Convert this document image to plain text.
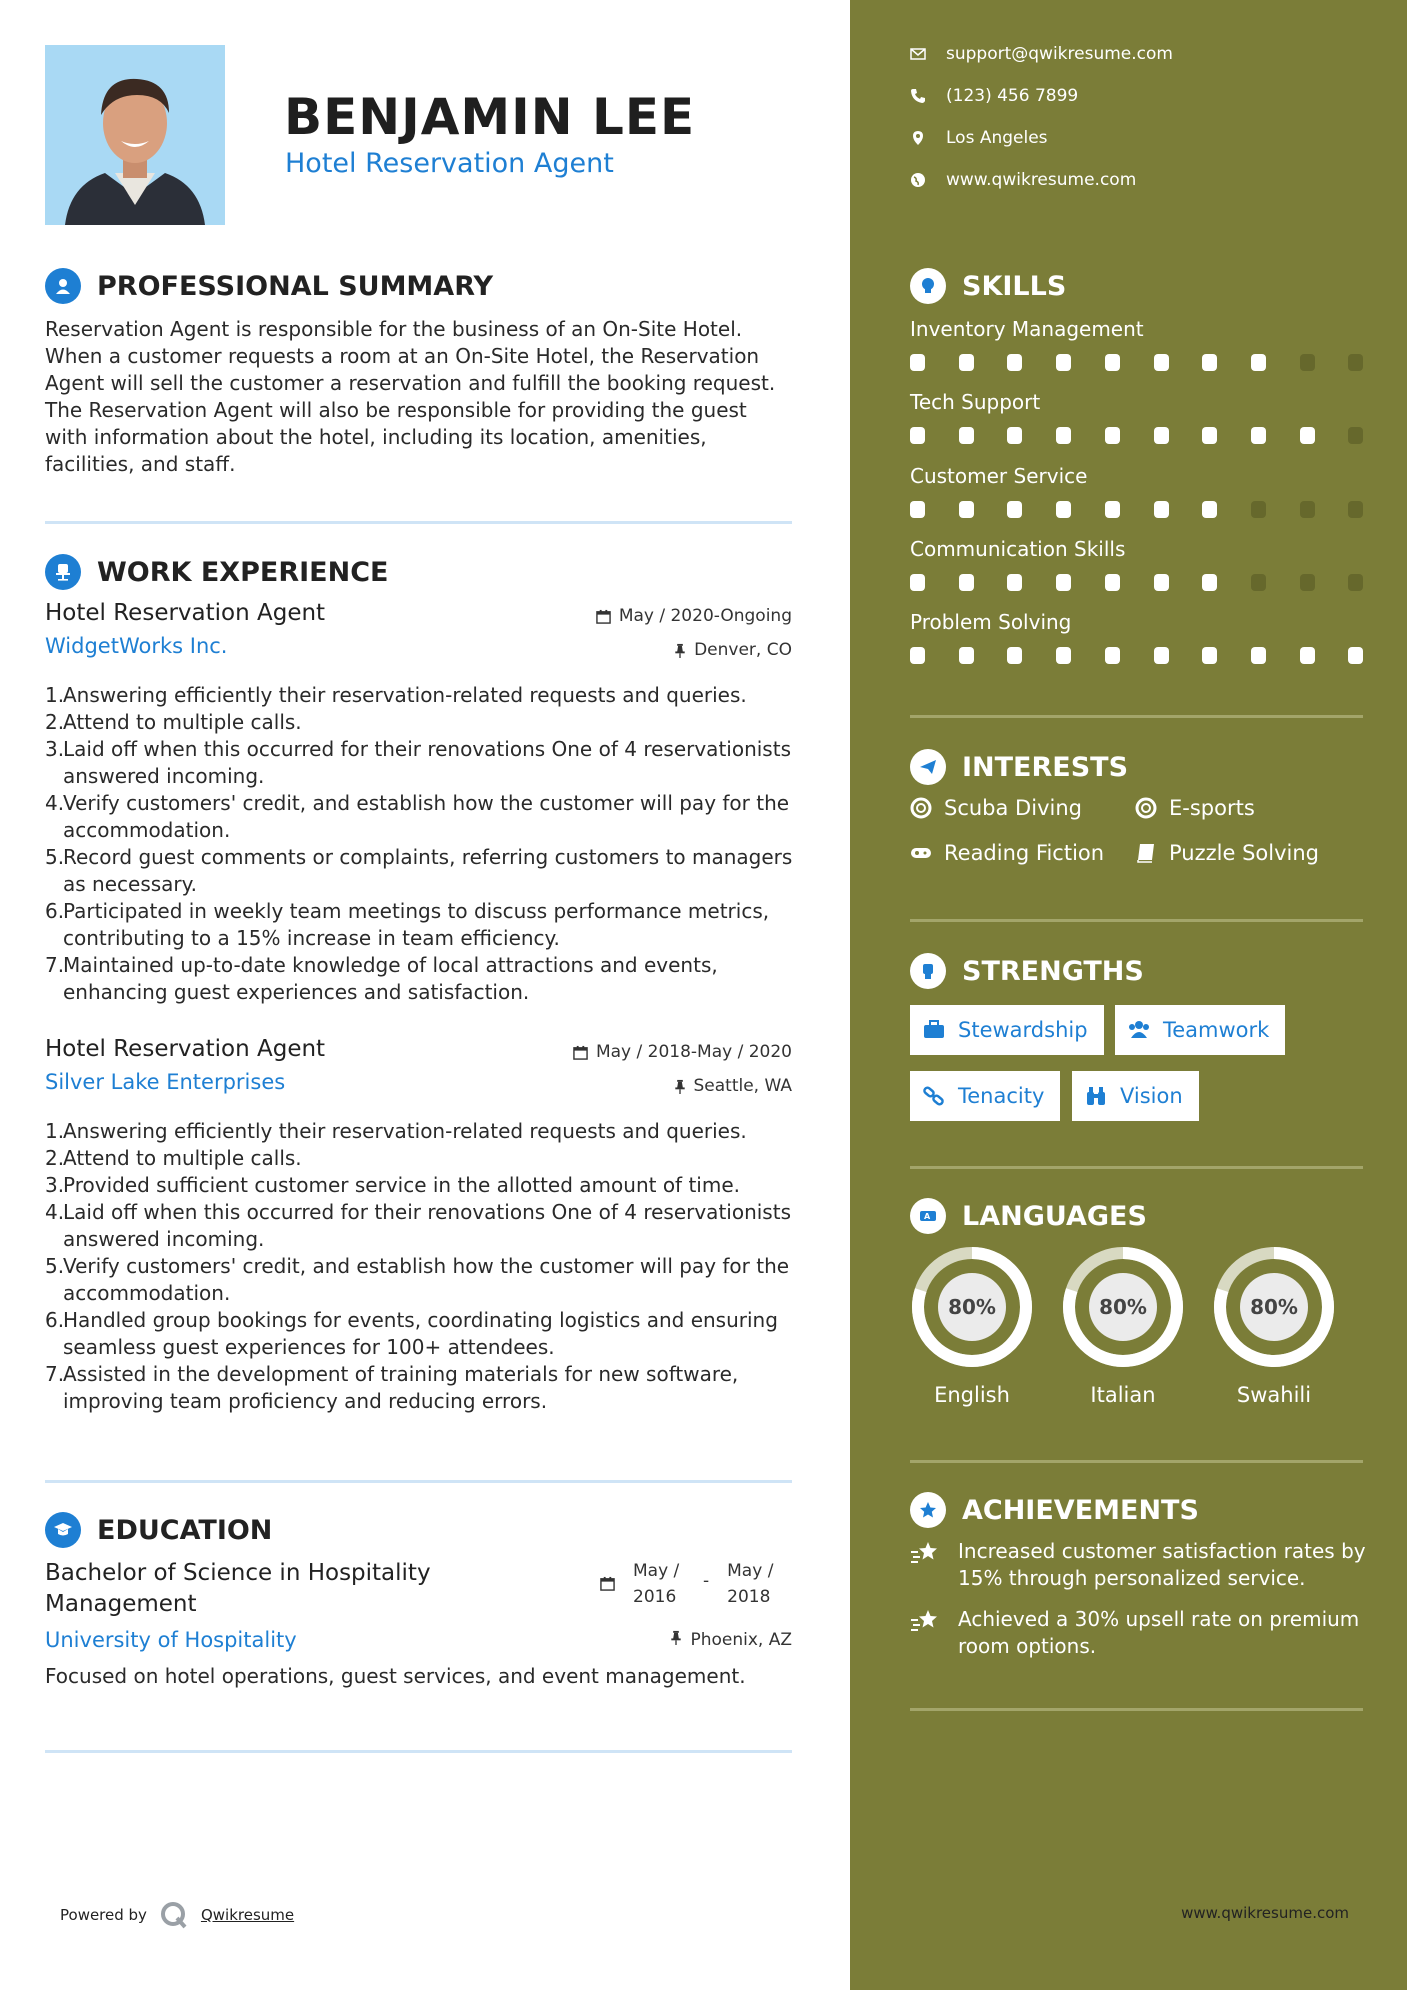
BENJAMIN LEE
Hotel Reservation Agent
PROFESSIONAL SUMMARY
Reservation Agent is responsible for the business of an On-Site Hotel. When a customer requests a room at an On-Site Hotel, the Reservation Agent will sell the customer a reservation and fulfill the booking request. The Reservation Agent will also be responsible for providing the guest with information about the hotel, including its location, amenities, facilities, and staff.
WORK EXPERIENCE
Hotel Reservation Agent
WidgetWorks Inc.
May / 2020-Ongoing
Denver, CO
1.
Answering efficiently their reservation-related requests and queries.
2.
Attend to multiple calls.
3.
Laid off when this occurred for their renovations One of 4 reservationists answered incoming.
4.
Verify customers' credit, and establish how the customer will pay for the accommodation.
5.
Record guest comments or complaints, referring customers to managers as necessary.
6.
Participated in weekly team meetings to discuss performance metrics, contributing to a 15% increase in team efficiency.
7.
Maintained up-to-date knowledge of local attractions and events, enhancing guest experiences and satisfaction.
Hotel Reservation Agent
Silver Lake Enterprises
May / 2018-May / 2020
Seattle, WA
1.
Answering efficiently their reservation-related requests and queries.
2.
Attend to multiple calls.
3.
Provided sufficient customer service in the allotted amount of time.
4.
Laid off when this occurred for their renovations One of 4 reservationists answered incoming.
5.
Verify customers' credit, and establish how the customer will pay for the accommodation.
6.
Handled group bookings for events, coordinating logistics and ensuring seamless guest experiences for 100+ attendees.
7.
Assisted in the development of training materials for new software, improving team proficiency and reducing errors.
EDUCATION
Bachelor of Science in Hospitality Management
University of Hospitality
May / 2016
- May / 2018
Phoenix, AZ
Focused on hotel operations, guest services, and event management.
Powered by	Qwikresume
support@qwikresume.com
(123) 456 7899
Los Angeles
www.qwikresume.com
SKILLS
Inventory Management
Tech Support
Customer Service
Communication Skills
Problem Solving
INTERESTS
Scuba Diving	E-sports
Reading Fiction	Puzzle Solving
STRENGTHS
Stewardship	Teamwork
Tenacity	Vision
A LANGUAGES
80%
English
80%
Italian
80%
Swahili
ACHIEVEMENTS
Increased customer satisfaction rates by 15% through personalized service.
Achieved a 30% upsell rate on premium room options.
www.qwikresume.com
